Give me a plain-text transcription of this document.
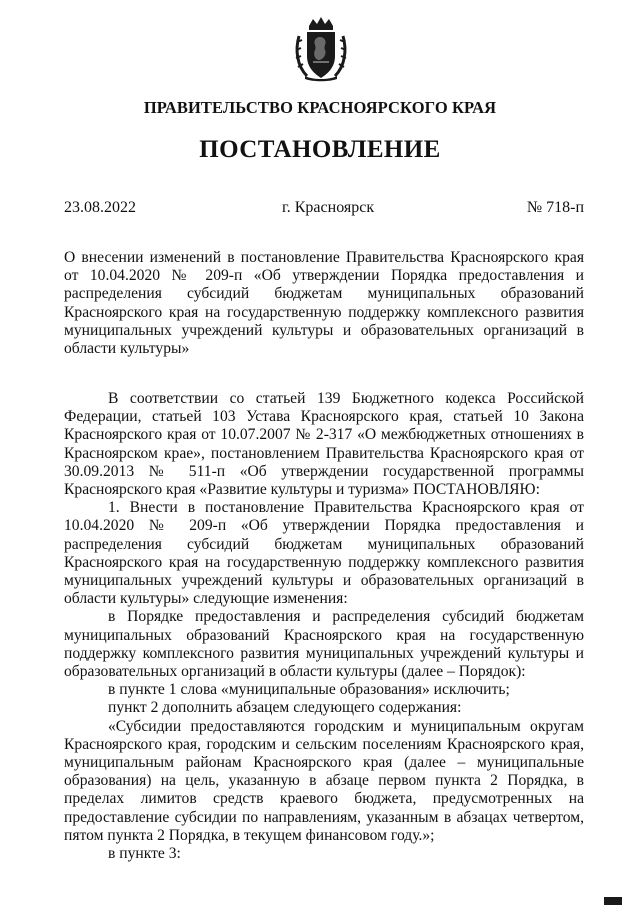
ПРАВИТЕЛЬСТВО КРАСНОЯРСКОГО КРАЯ
ПОСТАНОВЛЕНИЕ
23.08.2022	г. Красноярск	№ 718-п
О внесении изменений в постановление Правительства Красноярского края от 10.04.2020 № 209-п «Об утверждении Порядка предоставления и распределения субсидий бюджетам муниципальных образований Красноярского края на государственную поддержку комплексного развития муниципальных учреждений культуры и образовательных организаций в области культуры»

В соответствии со статьей 139 Бюджетного кодекса Российской Федерации, статьей 103 Устава Красноярского края, статьей 10 Закона Красноярского края от 10.07.2007 № 2-317 «О межбюджетных отношениях в Красноярском крае», постановлением Правительства Красноярского края от 30.09.2013 № 511-п «Об утверждении государственной программы Красноярского края «Развитие культуры и туризма» ПОСТАНОВЛЯЮ:

1. Внести в постановление Правительства Красноярского края от 10.04.2020 № 209-п «Об утверждении Порядка предоставления и распределения субсидий бюджетам муниципальных образований Красноярского края на государственную поддержку комплексного развития муниципальных учреждений культуры и образовательных организаций в области культуры» следующие изменения:

в Порядке предоставления и распределения субсидий бюджетам муниципальных образований Красноярского края на государственную поддержку комплексного развития муниципальных учреждений культуры и образовательных организаций в области культуры (далее – Порядок):

в пункте 1 слова «муниципальные образования» исключить;

пункт 2 дополнить абзацем следующего содержания:

«Субсидии предоставляются городским и муниципальным округам Красноярского края, городским и сельским поселениям Красноярского края, муниципальным районам Красноярского края (далее – муниципальные образования) на цель, указанную в абзаце первом пункта 2 Порядка, в пределах лимитов средств краевого бюджета, предусмотренных на предоставление субсидии по направлениям, указанным в абзацах четвертом, пятом пункта 2 Порядка, в текущем финансовом году.»;

в пункте 3:
